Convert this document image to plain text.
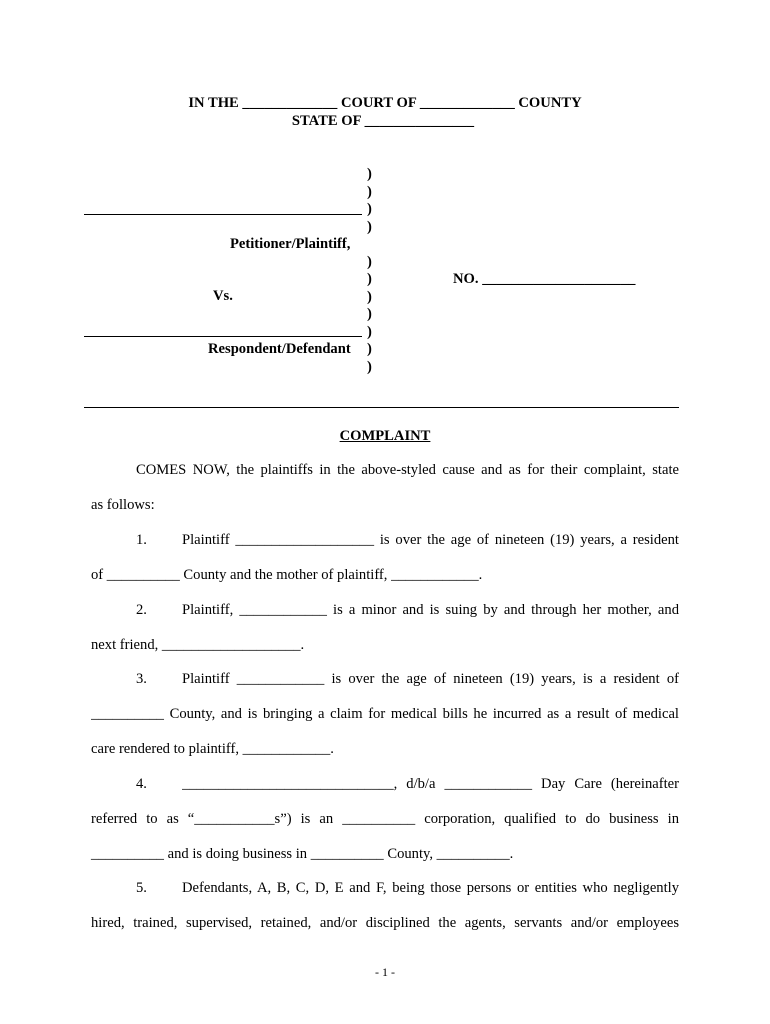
IN THE _____________ COURT OF _____________ COUNTY
STATE OF _______________
)
)
)
)
)
)
)
)
)
)
)
Petitioner/Plaintiff,
Vs.
Respondent/Defendant
NO. _____________________
COMPLAINT
COMES NOW, the plaintiffs in the above-styled cause and as for their complaint, state
as follows:
1. Plaintiff ___________________ is over the age of nineteen (19) years, a resident
of __________ County and the mother of plaintiff, ____________.
2. Plaintiff, ____________ is a minor and is suing by and through her mother, and
next friend, ___________________.
3. Plaintiff ____________ is over the age of nineteen (19) years, is a resident of
__________ County, and is bringing a claim for medical bills he incurred as a result of medical
care rendered to plaintiff, ____________.
4. _____________________________, d/b/a ____________ Day Care (hereinafter
referred to as “___________s”) is an __________ corporation, qualified to do business in
__________ and is doing business in __________ County, __________.
5. Defendants, A, B, C, D, E and F, being those persons or entities who negligently
hired, trained, supervised, retained, and/or disciplined the agents, servants and/or employees
- 1 -
